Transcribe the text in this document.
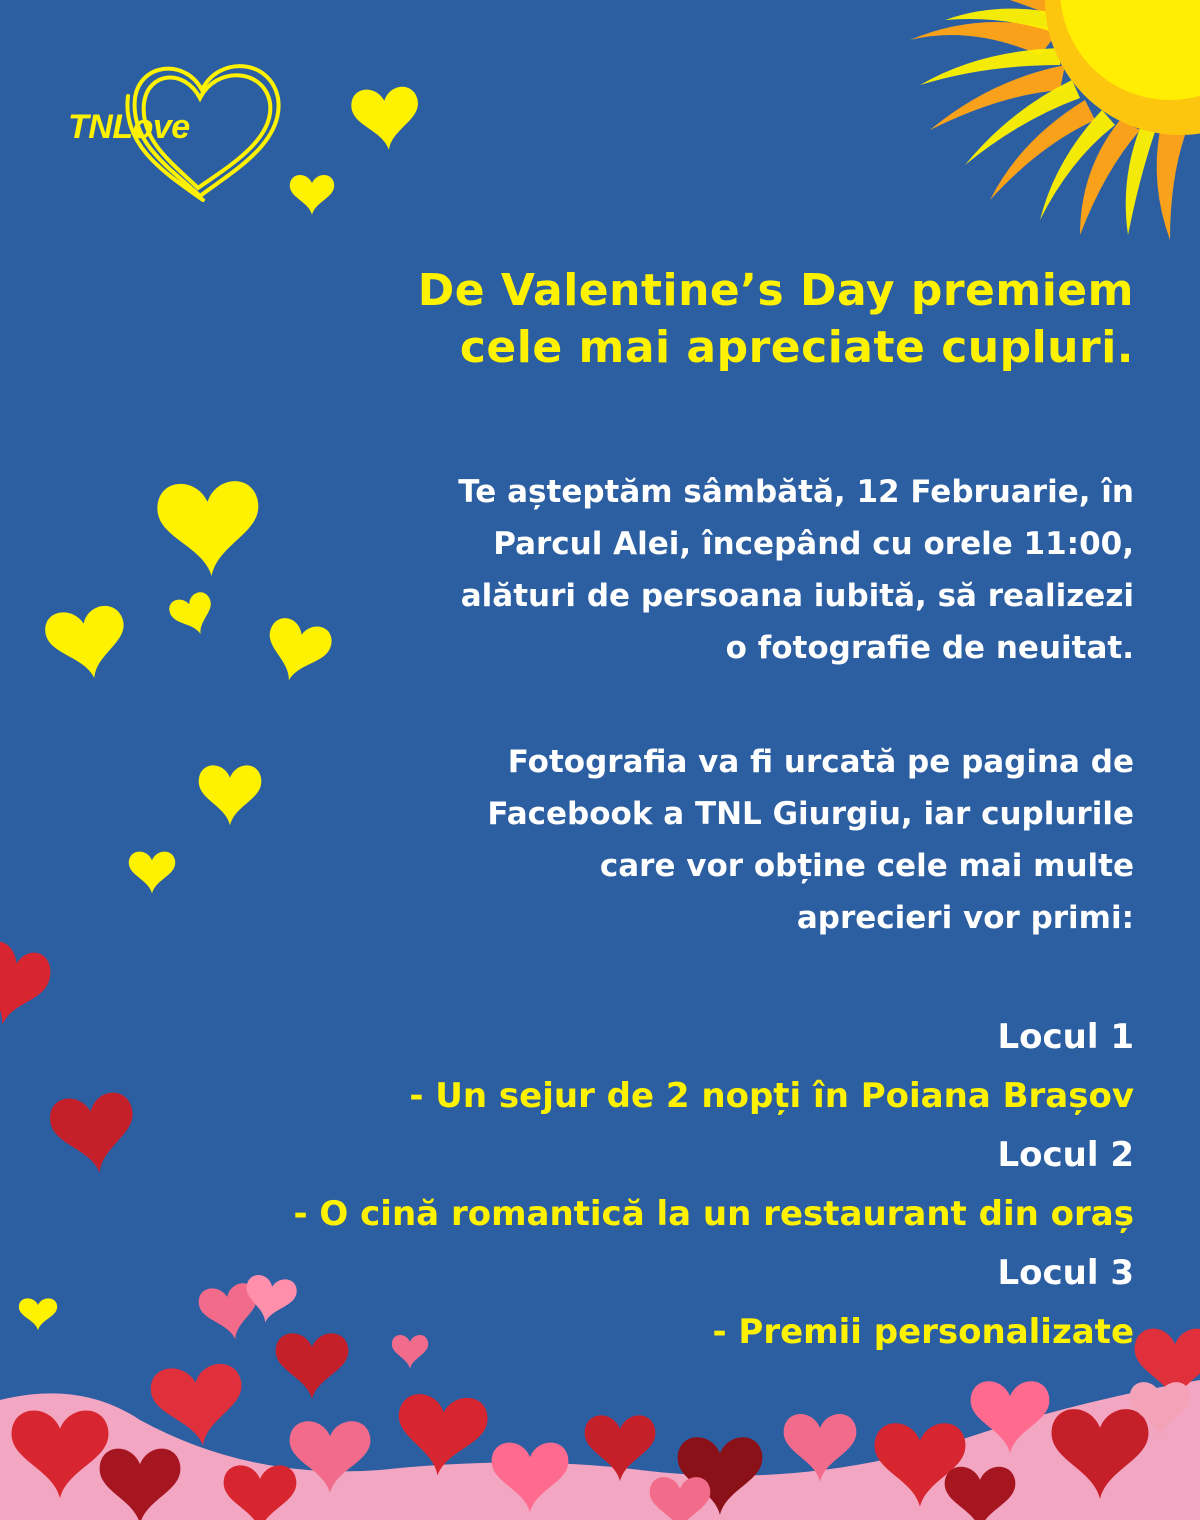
TNLove
De Valentine’s Day premiem
cele mai apreciate cupluri.
Te așteptăm sâmbătă, 12 Februarie, în
Parcul Alei, începând cu orele 11:00,
alături de persoana iubită, să realizezi
o fotografie de neuitat.
Fotografia va fi urcată pe pagina de
Facebook a TNL Giurgiu, iar cuplurile
care vor obține cele mai multe
aprecieri vor primi:
Locul 1
- Un sejur de 2 nopți în Poiana Brașov
Locul 2
- O cină romantică la un restaurant din oraș
Locul 3
- Premii personalizate
